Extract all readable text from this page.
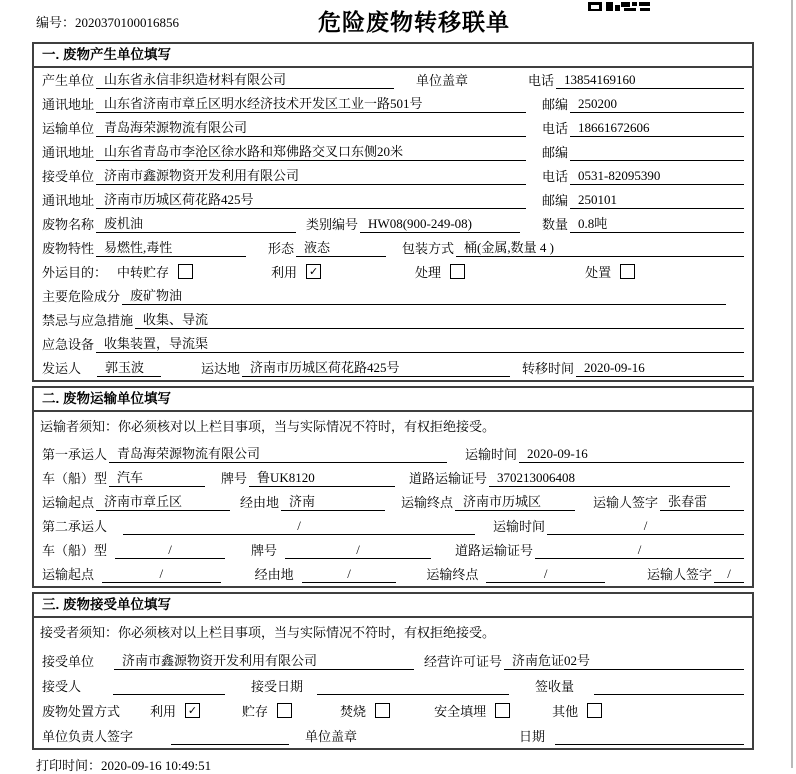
编号：2020370100016856	危险废物转移联单
一. 废物产生单位填写
产生单位 山东省永信非织造材料有限公司	单位盖章	电话 13854169160
通讯地址 山东省济南市章丘区明水经济技术开发区工业一路501号	邮编 250200
运输单位 青岛海荣源物流有限公司	电话 18661672606
通讯地址 山东省青岛市李沧区徐水路和郑佛路交叉口东侧20米	邮编
接受单位 济南市鑫源物资开发利用有限公司	电话 0531-82095390
通讯地址 济南市历城区荷花路425号	邮编 250101
废物名称 废机油	类别编号 HW08(900-249-08)	数量 0.8吨
废物特性 易燃性,毒性	形态 液态	包装方式 桶(金属,数量 4 )
外运目的： 中转贮存	利用 ✓	处理	处置
主要危险成分 废矿物油
禁忌与应急措施 收集、导流
应急设备 收集装置，导流渠
发运人	郭玉波	运达地 济南市历城区荷花路425号	转移时间 2020-09-16
二. 废物运输单位填写
运输者须知：你必须核对以上栏目事项，当与实际情况不符时，有权拒绝接受。
第一承运人 青岛海荣源物流有限公司	运输时间 2020-09-16
车（船）型 汽车	牌号 鲁UK8120	道路运输证号 370213006408
运输起点 济南市章丘区	经由地 济南	运输终点 济南市历城区	运输人签字 张春雷
第二承运人	/	运输时间	/
车（船）型	/	牌号	/	道路运输证号	/
运输起点	/	经由地	/	运输终点	/	运输人签字	/
三. 废物接受单位填写
接受者须知：你必须核对以上栏目事项，当与实际情况不符时，有权拒绝接受。
接受单位	济南市鑫源物资开发利用有限公司	经营许可证号 济南危证02号
接受人	接受日期	签收量
废物处置方式 利用 ✓	贮存	焚烧	安全填埋	其他
单位负责人签字	单位盖章	日期
打印时间：2020-09-16 10:49:51
